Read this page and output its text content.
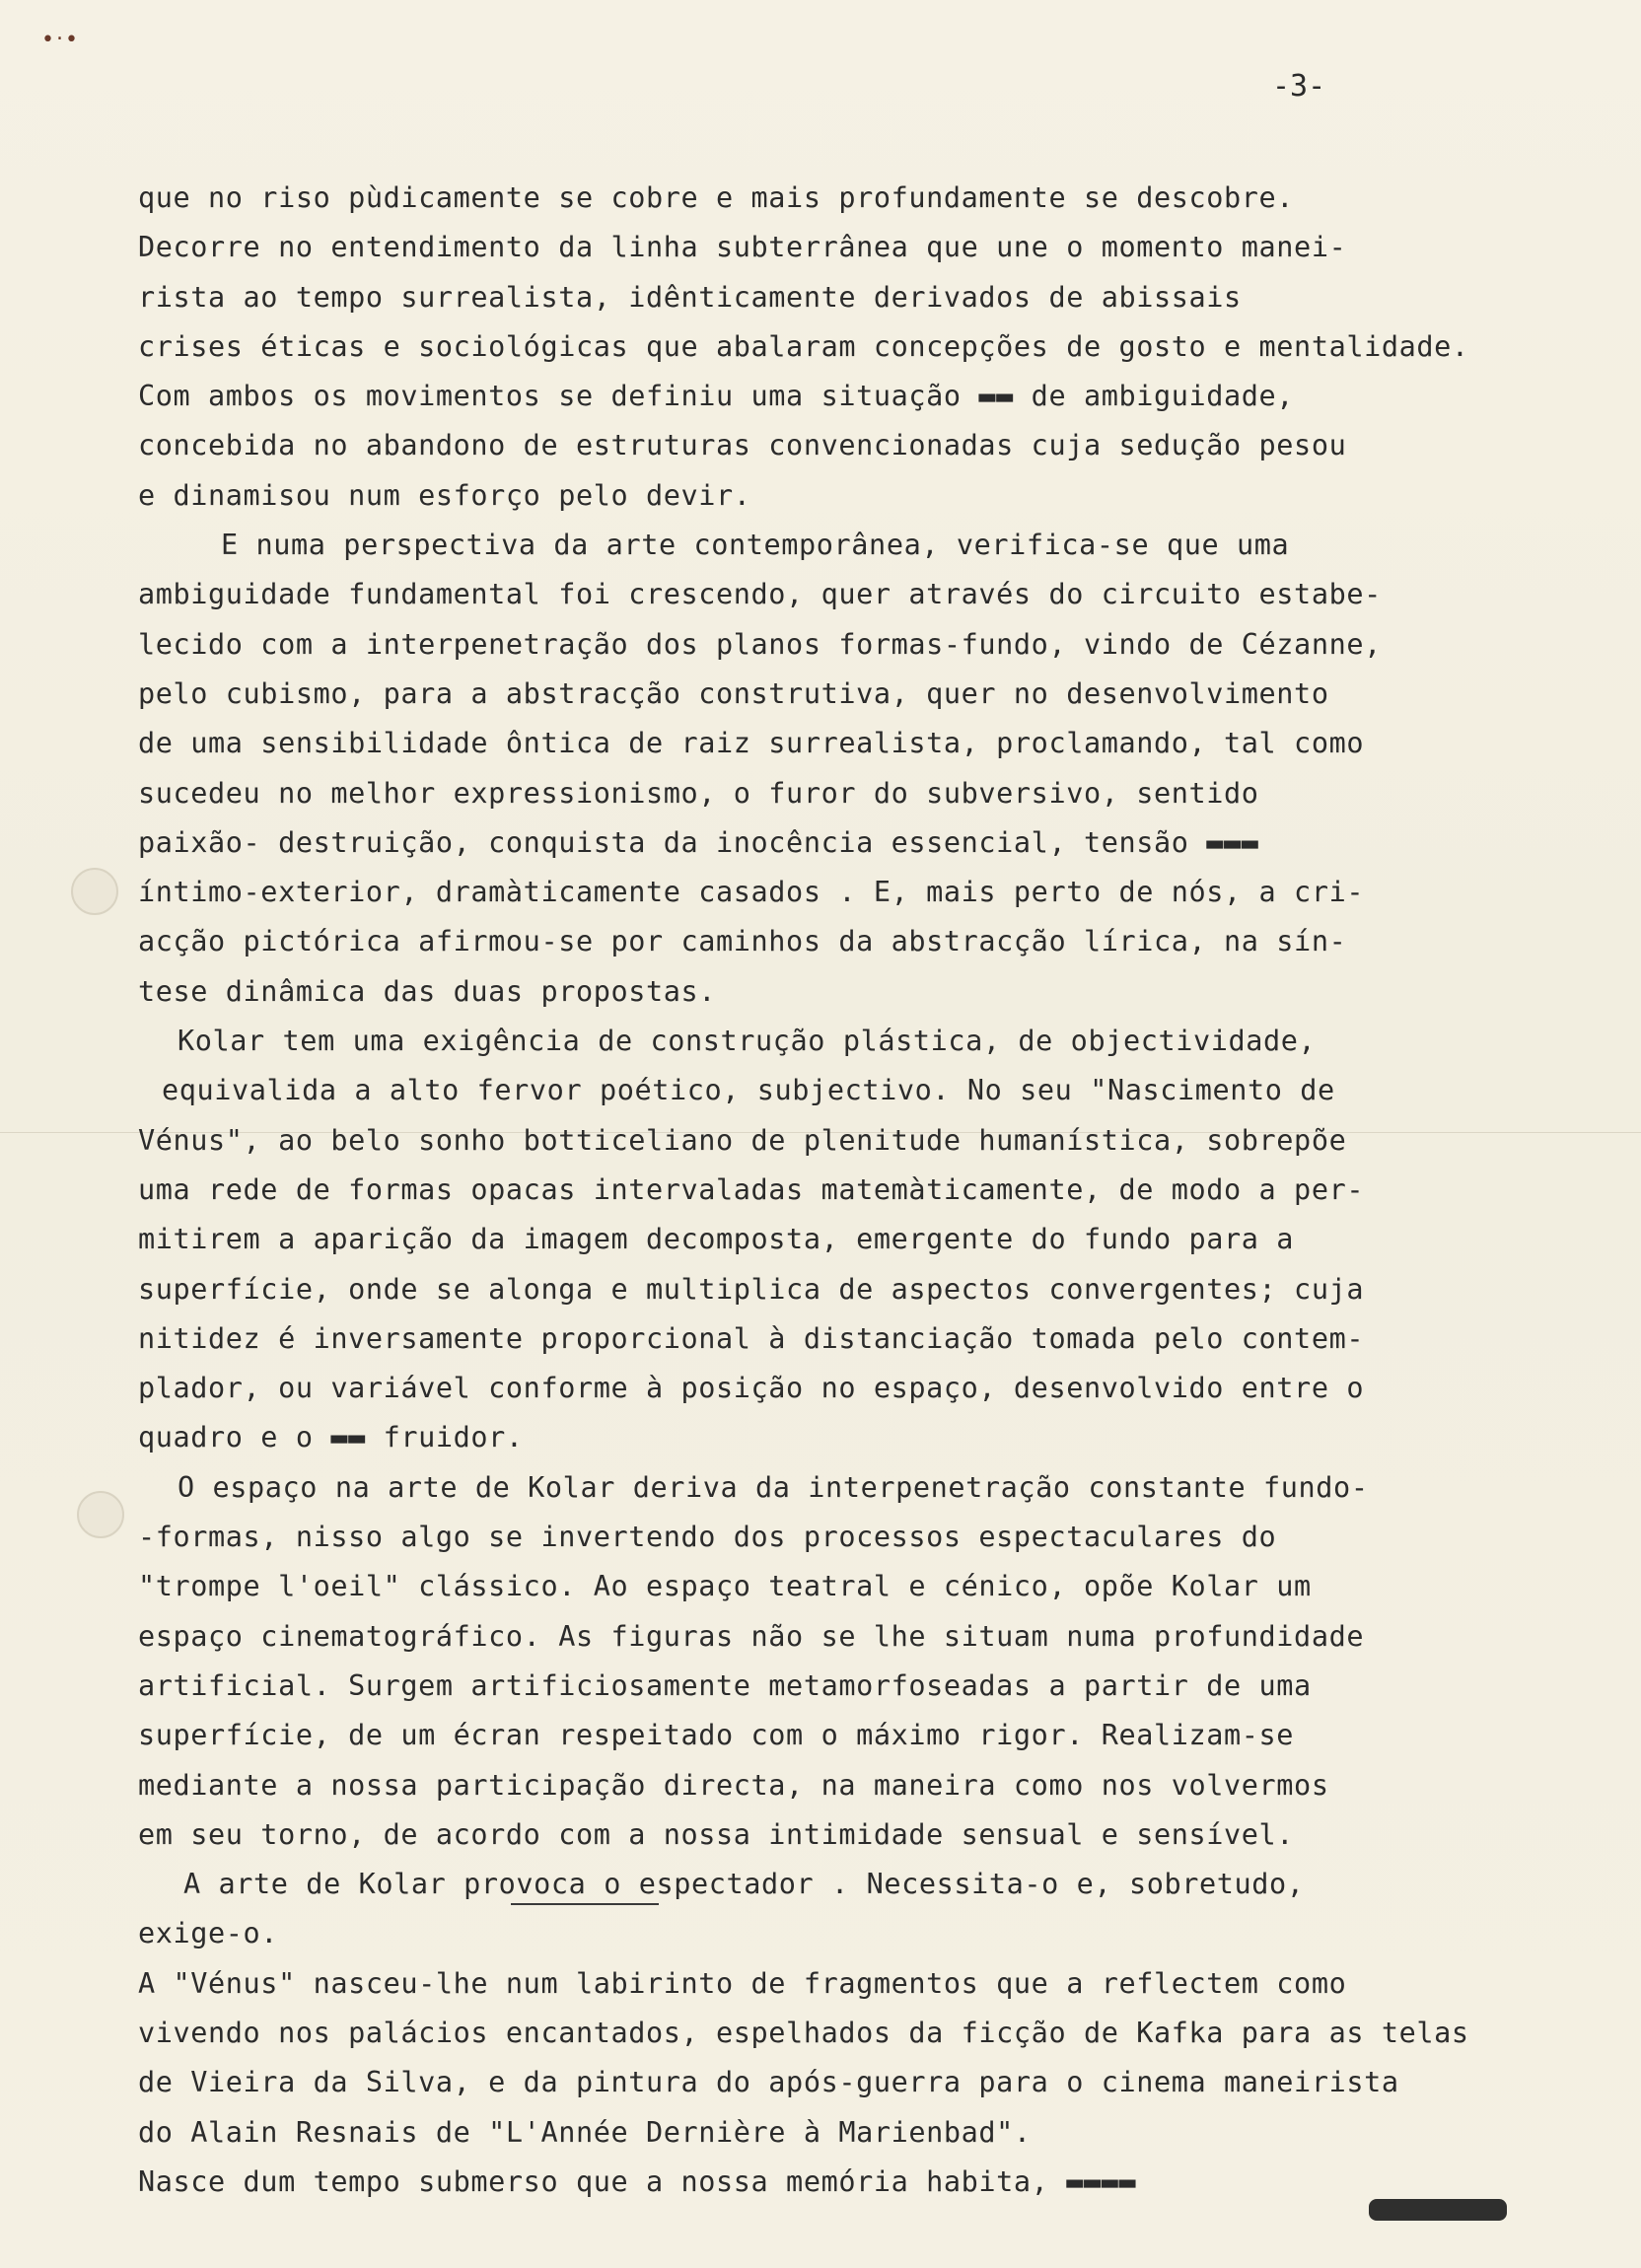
•‧•
-3-
que no riso pùdicamente se cobre e mais profundamente se descobre.
Decorre no entendimento da linha subterrânea que une o momento manei-
rista ao tempo surrealista, idênticamente derivados de abissais
crises éticas e sociológicas que abalaram concepções de gosto e mentalidade.
Com ambos os movimentos se definiu uma situação ▬▬ de ambiguidade,
concebida no abandono de estruturas convencionadas cuja sedução pesou
e dinamisou num esforço pelo devir.
E numa perspectiva da arte contemporânea, verifica-se que uma
ambiguidade fundamental foi crescendo, quer através do circuito estabe-
lecido com a interpenetração dos planos formas-fundo, vindo de Cézanne,
pelo cubismo, para a abstracção construtiva, quer no desenvolvimento
de uma sensibilidade ôntica de raiz surrealista, proclamando, tal como
sucedeu no melhor expressionismo, o furor do subversivo, sentido
paixão- destruição, conquista da inocência essencial, tensão ▬▬▬
íntimo-exterior, dramàticamente casados . E, mais perto de nós, a cri-
acção pictórica afirmou-se por caminhos da abstracção lírica, na sín-
tese dinâmica das duas propostas.
Kolar tem uma exigência de construção plástica, de objectividade,
equivalida a alto fervor poético, subjectivo. No seu "Nascimento de
Vénus", ao belo sonho botticeliano de plenitude humanística, sobrepõe
uma rede de formas opacas intervaladas matemàticamente, de modo a per-
mitirem a aparição da imagem decomposta, emergente do fundo para a
superfície, onde se alonga e multiplica de aspectos convergentes; cuja
nitidez é inversamente proporcional à distanciação tomada pelo contem-
plador, ou variável conforme à posição no espaço, desenvolvido entre o
quadro e o ▬▬ fruidor.
O espaço na arte de Kolar deriva da interpenetração constante fundo-
-formas, nisso algo se invertendo dos processos espectaculares do
"trompe l'oeil" clássico. Ao espaço teatral e cénico, opõe Kolar um
espaço cinematográfico. As figuras não se lhe situam numa profundidade
artificial. Surgem artificiosamente metamorfoseadas a partir de uma
superfície, de um écran respeitado com o máximo rigor. Realizam-se
mediante a nossa participação directa, na maneira como nos volvermos
em seu torno, de acordo com a nossa intimidade sensual e sensível.
A arte de Kolar provoca o espectador . Necessita-o e, sobretudo,
exige-o.
A "Vénus" nasceu-lhe num labirinto de fragmentos que a reflectem como
vivendo nos palácios encantados, espelhados da ficção de Kafka para as telas
de Vieira da Silva, e da pintura do após-guerra para o cinema maneirista
do Alain Resnais de "L'Année Dernière à Marienbad".
Nasce dum tempo submerso que a nossa memória habita, ▬▬▬▬
